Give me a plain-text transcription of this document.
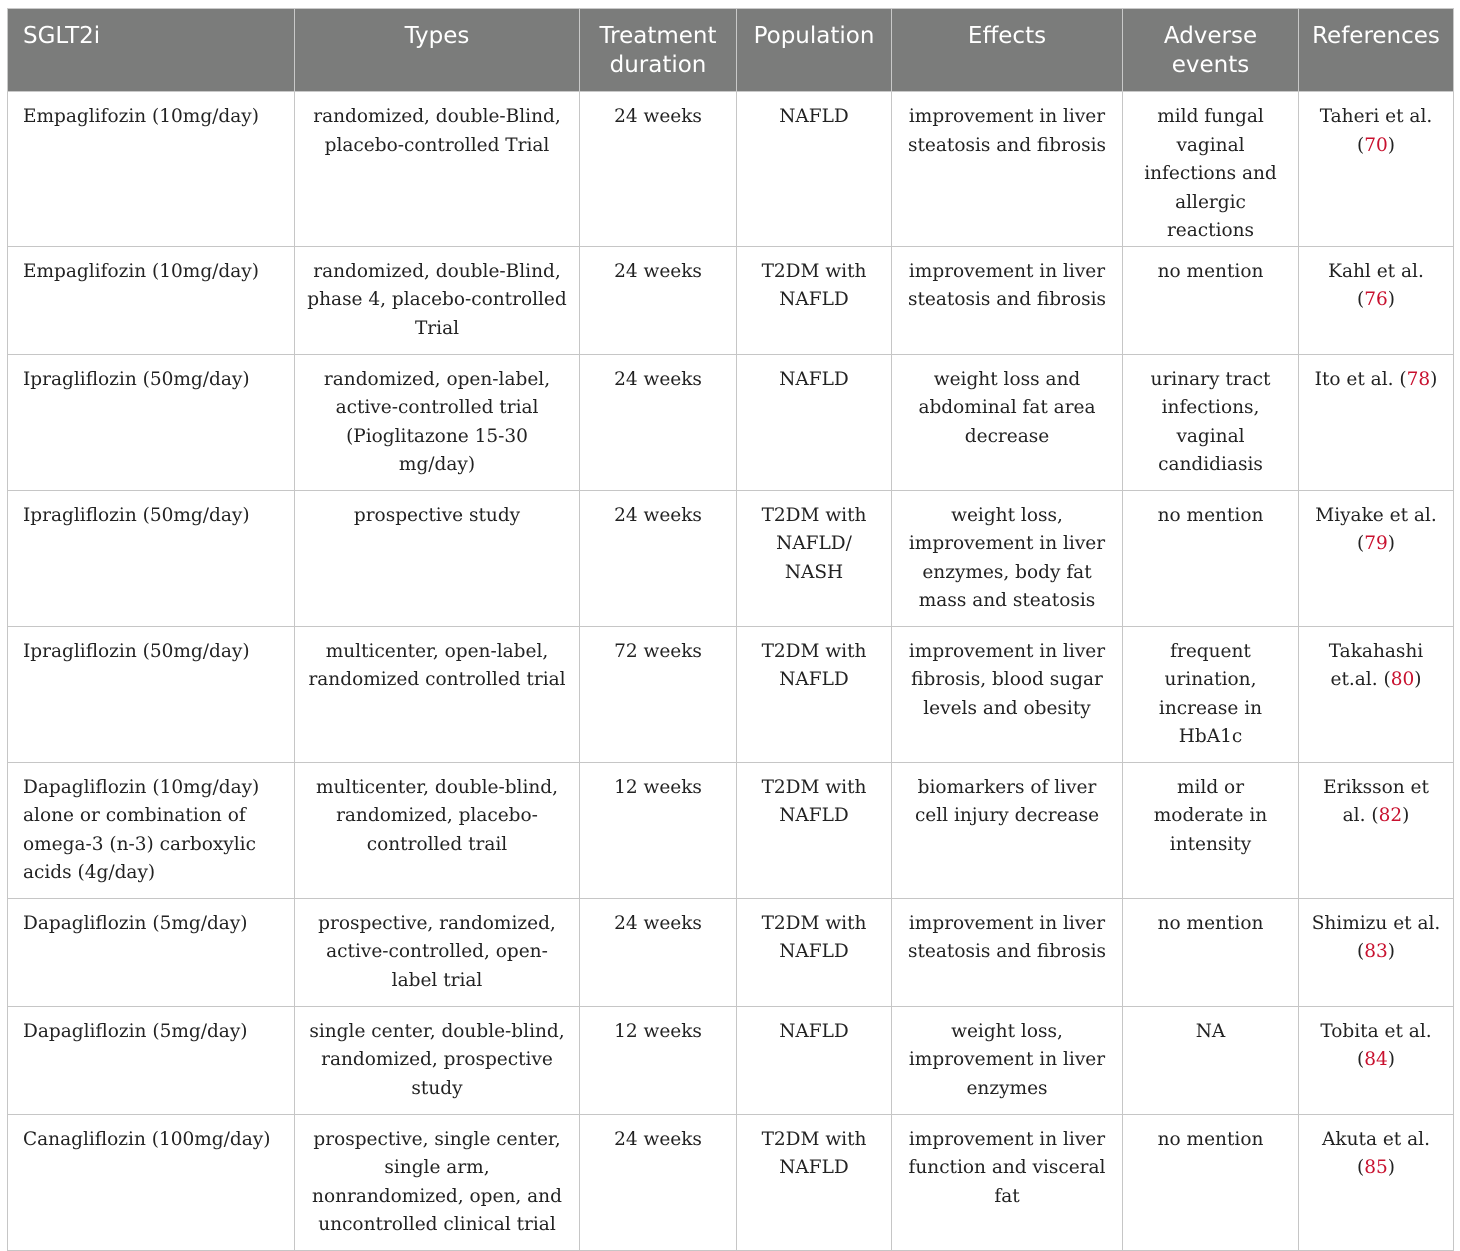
SGLT2i	Types	Treatment duration	Population	Effects	Adverse events	References
Empaglifozin (10mg/day)	randomized, double-Blind, placebo-controlled Trial	24 weeks	NAFLD	improvement in liver steatosis and fibrosis	mild fungal vaginal infections and allergic reactions	Taheri et al. (70)
Empaglifozin (10mg/day)	randomized, double-Blind, phase 4, placebo-controlled Trial	24 weeks	T2DM with NAFLD	improvement in liver steatosis and fibrosis	no mention	Kahl et al. (76)
Ipragliflozin (50mg/day)	randomized, open-label, active-controlled trial (Pioglitazone 15-30 mg/day)	24 weeks	NAFLD	weight loss and abdominal fat area decrease	urinary tract infections, vaginal candidiasis	Ito et al. (78)
Ipragliflozin (50mg/day)	prospective study	24 weeks	T2DM with NAFLD/ NASH	weight loss, improvement in liver enzymes, body fat mass and steatosis	no mention	Miyake et al. (79)
Ipragliflozin (50mg/day)	multicenter, open-label, randomized controlled trial	72 weeks	T2DM with NAFLD	improvement in liver fibrosis, blood sugar levels and obesity	frequent urination, increase in HbA1c	Takahashi et.al. (80)
Dapagliflozin (10mg/day) alone or combination of omega-3 (n-3) carboxylic acids (4g/day)	multicenter, double-blind, randomized, placebo-controlled trail	12 weeks	T2DM with NAFLD	biomarkers of liver cell injury decrease	mild or moderate in intensity	Eriksson et al. (82)
Dapagliflozin (5mg/day)	prospective, randomized, active-controlled, open-label trial	24 weeks	T2DM with NAFLD	improvement in liver steatosis and fibrosis	no mention	Shimizu et al. (83)
Dapagliflozin (5mg/day)	single center, double-blind, randomized, prospective study	12 weeks	NAFLD	weight loss, improvement in liver enzymes	NA	Tobita et al. (84)
Canagliflozin (100mg/day)	prospective, single center, single arm, nonrandomized, open, and uncontrolled clinical trial	24 weeks	T2DM with NAFLD	improvement in liver function and visceral fat	no mention	Akuta et al. (85)
